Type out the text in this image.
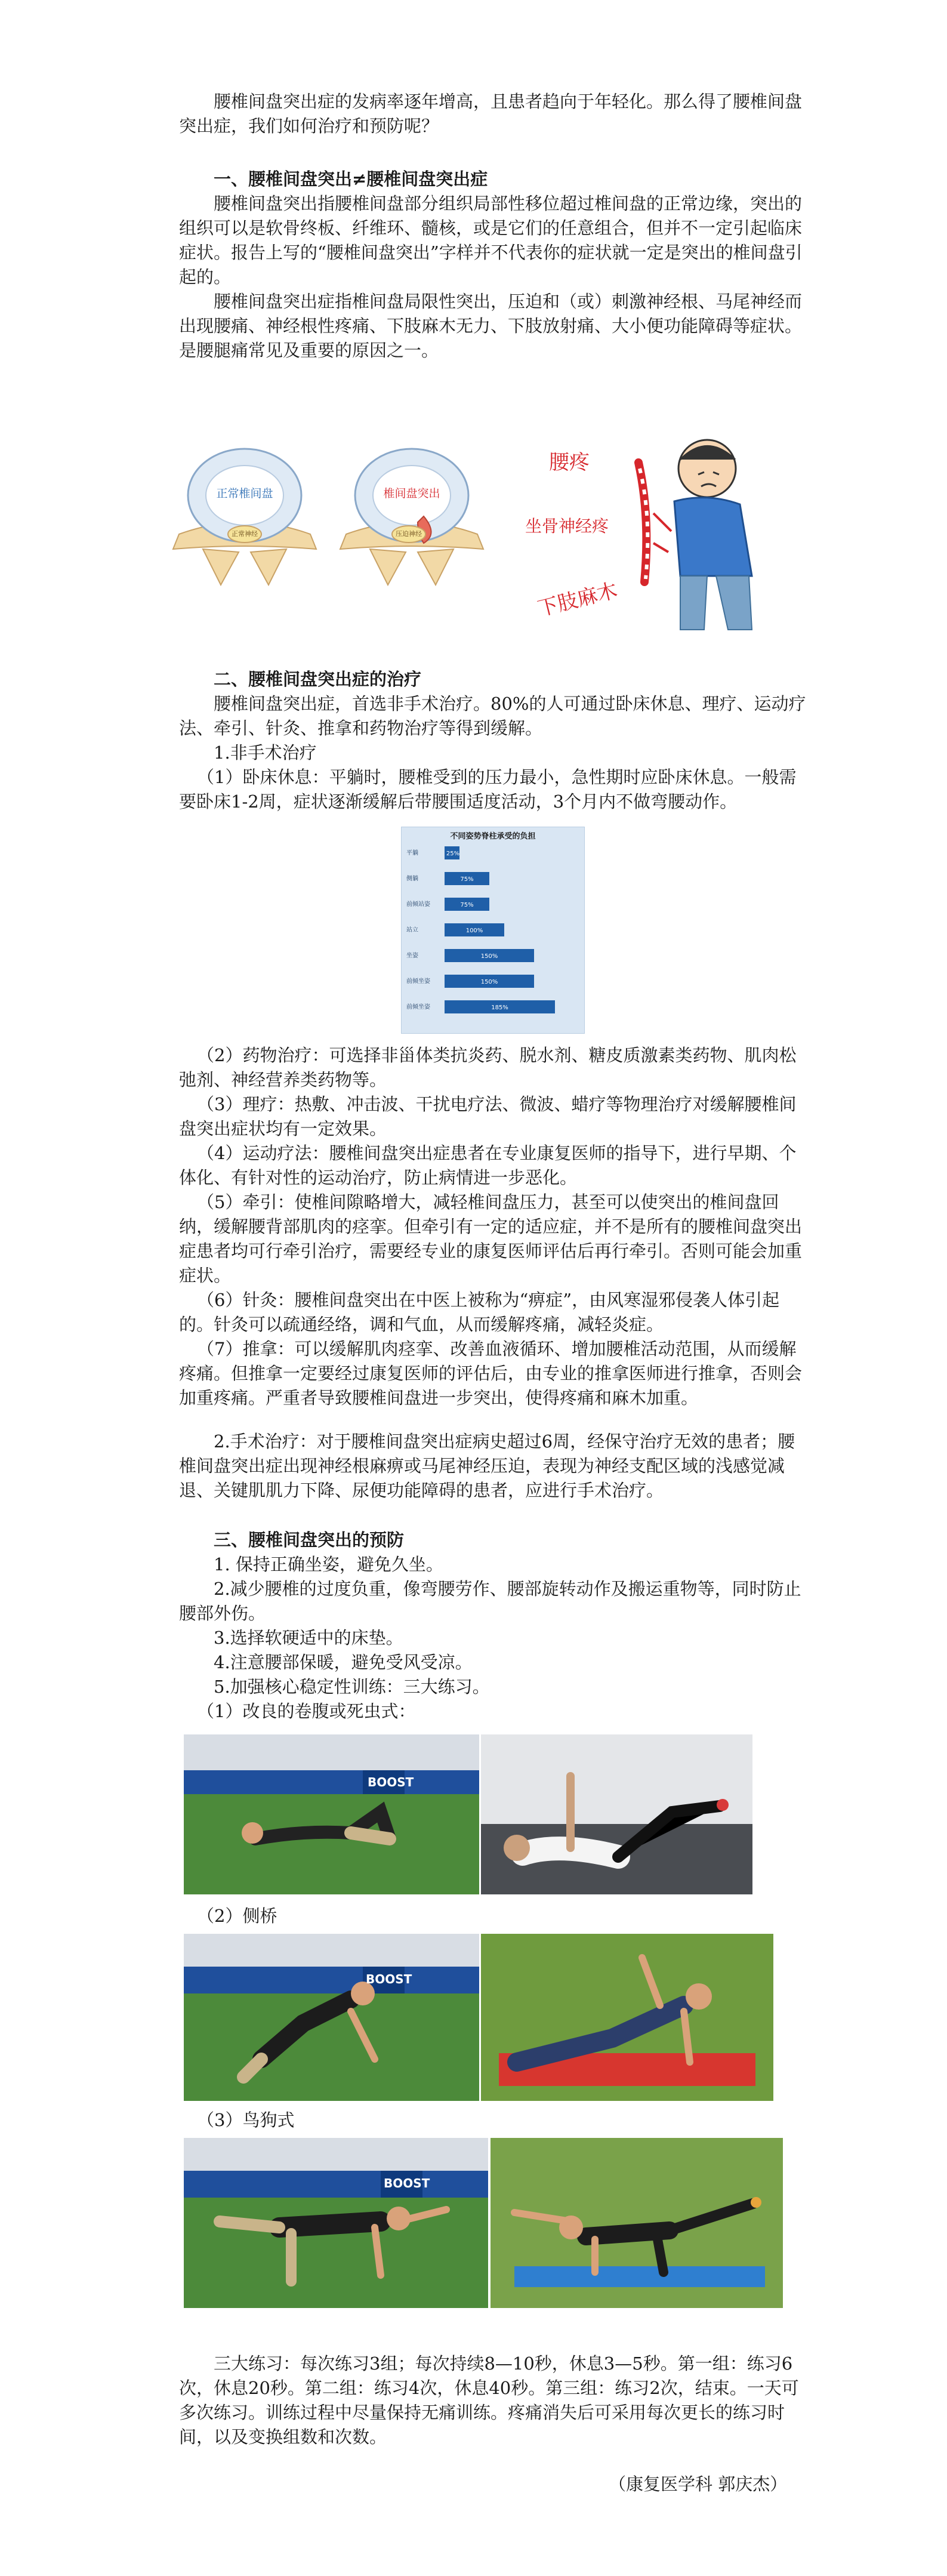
腰椎间盘突出症的发病率逐年增高，且患者趋向于年轻化。那么得了腰椎间盘突出症，我们如何治疗和预防呢？

一、腰椎间盘突出≠腰椎间盘突出症

腰椎间盘突出指腰椎间盘部分组织局部性移位超过椎间盘的正常边缘，突出的组织可以是软骨终板、纤维环、髓核，或是它们的任意组合，但并不一定引起临床症状。报告上写的“腰椎间盘突出”字样并不代表你的症状就一定是突出的椎间盘引起的。

腰椎间盘突出症指椎间盘局限性突出，压迫和（或）刺激神经根、马尾神经而出现腰痛、神经根性疼痛、下肢麻木无力、下肢放射痛、大小便功能障碍等症状。是腰腿痛常见及重要的原因之一。

正常椎间盘
正常神经
椎间盘突出
压迫神经
腰疼
坐骨神经疼
下肢麻木

二、腰椎间盘突出症的治疗

腰椎间盘突出症，首选非手术治疗。80%的人可通过卧床休息、理疗、运动疗法、牵引、针灸、推拿和药物治疗等得到缓解。

1.非手术治疗

（1）卧床休息：平躺时，腰椎受到的压力最小，急性期时应卧床休息。一般需要卧床1-2周，症状逐渐缓解后带腰围适度活动，3个月内不做弯腰动作。

不同姿势脊柱承受的负担
平躺	25%
侧躺	75%
前倾站姿	75%
站立	100%
坐姿	150%
前倾坐姿	150%
前倾坐姿	185%

（2）药物治疗：可选择非甾体类抗炎药、脱水剂、糖皮质激素类药物、肌肉松弛剂、神经营养类药物等。

（3）理疗：热敷、冲击波、干扰电疗法、微波、蜡疗等物理治疗对缓解腰椎间盘突出症状均有一定效果。

（4）运动疗法：腰椎间盘突出症患者在专业康复医师的指导下，进行早期、个体化、有针对性的运动治疗，防止病情进一步恶化。

（5）牵引：使椎间隙略增大，减轻椎间盘压力，甚至可以使突出的椎间盘回纳，缓解腰背部肌肉的痉挛。但牵引有一定的适应症，并不是所有的腰椎间盘突出症患者均可行牵引治疗，需要经专业的康复医师评估后再行牵引。否则可能会加重症状。

（6）针灸：腰椎间盘突出在中医上被称为“痹症”，由风寒湿邪侵袭人体引起的。针灸可以疏通经络，调和气血，从而缓解疼痛，减轻炎症。

（7）推拿：可以缓解肌肉痉挛、改善血液循环、增加腰椎活动范围，从而缓解疼痛。但推拿一定要经过康复医师的评估后，由专业的推拿医师进行推拿，否则会加重疼痛。严重者导致腰椎间盘进一步突出，使得疼痛和麻木加重。

2.手术治疗：对于腰椎间盘突出症病史超过6周，经保守治疗无效的患者；腰椎间盘突出症出现神经根麻痹或马尾神经压迫，表现为神经支配区域的浅感觉减退、关键肌肌力下降、尿便功能障碍的患者，应进行手术治疗。

三、腰椎间盘突出的预防

1. 保持正确坐姿，避免久坐。

2.减少腰椎的过度负重，像弯腰劳作、腰部旋转动作及搬运重物等，同时防止腰部外伤。

3.选择软硬适中的床垫。

4.注意腰部保暖，避免受风受凉。

5.加强核心稳定性训练：三大练习。

（1）改良的卷腹或死虫式：

BOOST

（2）侧桥

BOOST

（3）鸟狗式

BOOST

三大练习：每次练习3组；每次持续8—10秒，休息3—5秒。第一组：练习6次，休息20秒。第二组：练习4次，休息40秒。第三组：练习2次，结束。一天可多次练习。训练过程中尽量保持无痛训练。疼痛消失后可采用每次更长的练习时间，以及变换组数和次数。

（康复医学科 郭庆杰）
